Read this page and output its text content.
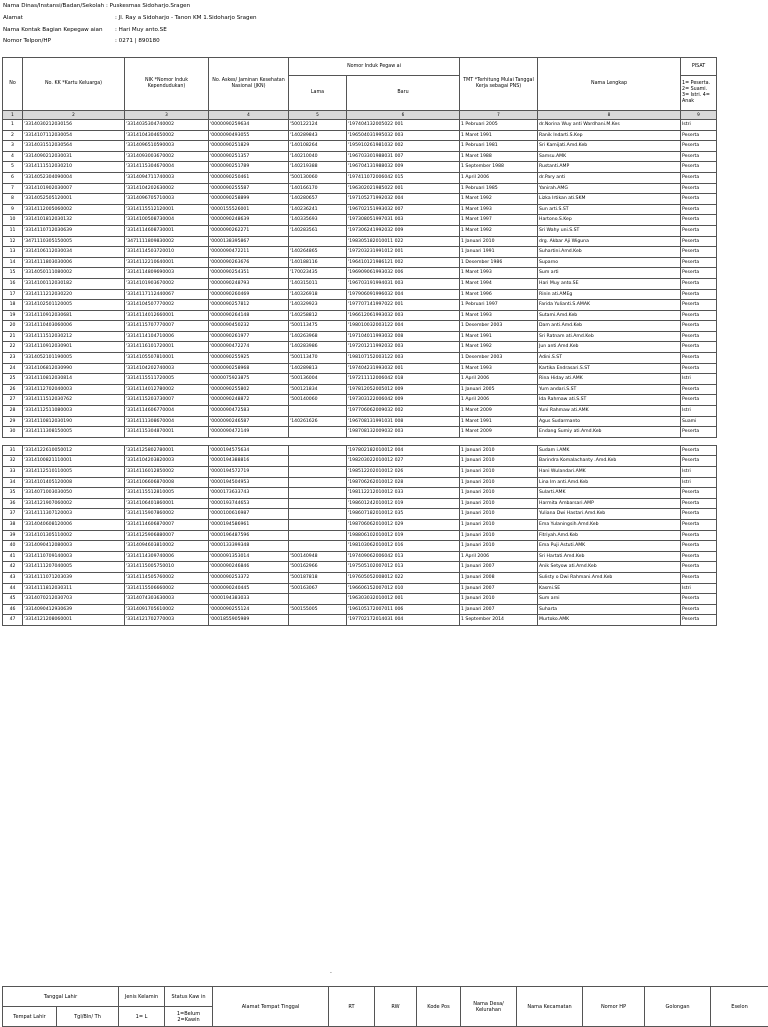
Nama Dinas/Instansi/Badan/Sekolah : Puskesmas Sidoharjo.Sragen
Alamat	: Jl. Ray a Sidoharjo - Tanon KM 1.Sidoharjo Sragen
Nama Kontak Bagian Kepegaw aian : Hari Muy anto.SE
Nomor Telpon/HP	: 0271 | 890180
No	No. KK *Kartu Keluarga)	NIK *Nomor Induk Kependudukan)	No. Askes/ Jaminan Kesehatan Nasional (JKN)	Nomor Induk Pegaw ai		TMT *Terhitung Mulai Tanggal Kerja sebagai PNS)	Nama Lengkap	PISAT
				Lama	Baru			1= Peserta. 2= Suami. 3= Istri. 4= Anak
1	2	3	4	5	6	7	8	9
1	'3314030212030156	'3314035304740002	'0000090259634	'500122124	'197404132005022 001	1 Pebruari 2005	dr.Norina Wuy anti Wardhani.M.Kes	Istri
2	'3314107112030054	'3314104304650002	'0000090493055	'140289843	'196504031995032 003	1 Maret 1991	Ranik Indarti.S.Kep	Peserta
3	'3314031512030564	'3314096510590003	'0000090251829	'140108264	'195910261981032 002	1 Pebruari 1981	Sri Kamijati.Amd.Keb	Peserta
4	'3314090212030031	'3314093003670002	'0000090251357	'140210040	'196703301988031 007	1 Maret 1988	Samsu.AMK	Peserta
5	'3314111512030210	'3314115304670004	'0000090251789	'140219388	'196704131988032 009	1 September 1988	Rustanti.AMP	Peserta
6	'3314052304090004	'3314094711740003	'0000090250461	'500130060	'197411072006042 015	1 April 2006	dr.Pary anti	Peserta
7	'3314101902030007	'3314104202630002	'0000090255587	'140166170	'196302021985022 001	1 Pebruari 1985	Yanirah.AMG	Peserta
8	'3314052505120001	'3314096705710003	'0000090258899	'140280657	'197105271992032 004	1 Maret 1992	Lizka Irtikan ati.SKM	Peserta
9	'3314112005060002	'3314115512120001	'0000155526001	'140236241	'196702151993032 007	1 Maret 1993	Sun arti.S.ST	Peserta
10	'3314101812030132	'3314100508730004	'0000090248639	'140335693	'197308051997031 003	1 Maret 1997	Hartono.S.Kep	Peserta
11	'3314110712030639	'3314114608730001	'0000090262271	'140283561	'197306241992032 009	1 Maret 1992	Sri Wahy uni.S.ST	Peserta
12	'3471110305150005	'3471111809830002	'0000138395867		'198305182010011 022	1 Januari 2010	drg. Akbar Aji Wiguna	Peserta
13	'3314106112030034	'3314114503720010	'0000090472211	'140264865	'197203231991012 001	1 Januari 1991	Suhartini.Amd.Keb	Peserta
14	'3314111803030006	'3314112210640001	'0000090263676	'140188116	'196410121986121 002	1 Desember 1986	Suparno	Peserta
15	'3314050111080002	'3314114809690003	'0000090254351	'170023435	'196909061993032 006	1 Maret 1993	Sum arti	Peserta
16	'3314100112030182	'3314101903670002	'0000090248793	'140315011	'196703191994031 003	1 Maret 1994	Hari Muy anto.SE	Peserta
17	'3314111212030220	'3314117112440067	'0000090260469	'140326918	'197906091996032 004	1 Maret 1996	Rinin ati.AMEg	Peserta
18	'3314102501120005	'3314104507770002	'0000090257812	'140329923	'197707141997022 001	1 Pebruari 1997	Farida Yulianti.S.AMAK	Peserta
19	'3314110912030681	'3314114012660001	'0000090264148	'140258812	'196612061993032 003	1 Maret 1993	Sutami.Amd.Keb	Peserta
20	'3314110403060006	'3314115707770007	'0000090450232	'500113475	'198010032003122 004	1 Desember 2003	Dam anti.Amd.Keb	Peserta
21	'3314111512030212	'3314114104710006	'0000090261977	'140263968	'197104011993032 008	1 Maret 1991	Sri Ratnam ati.Amd.Keb	Peserta
22	'3314110912030901	'3314116101720001	'0000090472274	'140283986	'197201211992032 003	1 Maret 1992	Jun anti.Amd.Keb	Peserta
23	'3314052101190005	'3314105507810001	'0000090255925	'500113470	'198107152003122 003	1 Desember 2003	Adini.S.ST	Peserta
24	'3314106812030990	'3314104202740003	'0000090258968	'140289813	'197404231993032 001	1 Maret 1993	Kartika Endrasari.S.ST	Peserta
25	'3314110812030814	'3314115511720005	'0000075923875	'500136004	'197211112006042 018	1 April 2006	Rina Hiday ati.AMK	Istri
26	'3314112702040003	'3314114012780002	'0000090255802	'500121834	'197812052005012 009	1 Januari 2005	Yum andari.S.ST	Peserta
27	'3314111512030762	'3314115203730007	'0000090248872	'500140060	'197303122006042 009	1 April 2006	Ida Rahmaw ati.S.ST	Peserta
28	'3314112511080003	'3314114606770004	'0000090472583		'197706062009032 002	1 Maret 2009	Yuni Rahmaw ati.AMK	Istri
29	'3314110812030190	'3314111308670004	'0000090246587	'140261626	'196708131991031 008	1 Maret 1991	Agus Sudarmanto	Suami
30	'3314111308150005	'3314115304870001	'0000090472149		'198708132009032 003	1 Maret 2009	Endang Sumiy ati.Amd.Keb	Peserta

31	'3314122610050012	'3314125802780001	'0000194575634		'197802182010012 004	1 Januari 2010	Sudam i.AMK	Peserta
32	'3314100821110001	'3314104203820003	'0000194388816		'198203022010012 027	1 Januari 2010	Barindra Komalachanty .Amd.Keb	Peserta
33	'3314112510110005	'3314116012850002	'0000194572719		'198512202010012 026	1 Januari 2010	Hani Wulandari.AMK	Istri
34	'3314101405120008	'3314106606870008	'0000194504953		'198706262010012 028	1 Januari 2010	Lina Im anti.Amd.Keb	Istri
35	'3314071003030050	'3314115512810005	'0000173633743		'198112212010012 033	1 Januari 2010	Sularti.AMK	Peserta
36	'3314121907060002	'3314106401860001	'0000193744653		'198601242010012 019	1 Januari 2010	Harmita Ambarsari.AMP	Peserta
37	'3314111307120003	'3314115907860002	'0000100616987		'198607182010012 035	1 Januari 2010	Yuliana Dwi Hastari.Amd.Keb	Peserta
38	'3314040608120006	'3314114606870007	'0000194586961		'198706062010012 029	1 Januari 2010	Ema Yulaningsih.Amd.Keb	Peserta
39	'3314101305110002	'3314125906880007	'0000196487596		'198806102010012 019	1 Januari 2010	Fitriyah.Amd.Keb	Peserta
40	'3314090412080003	'3314094603810002	'0000133399348		'198103062010012 016	1 Januari 2010	Ema Puji Astuti.AMK	Peserta
41	'3314110709140003	'3314114309740006	'0000091353014	'500140948	'197409062006042 013	1 April 2006	Sri Hartati.Amd.Keb	Peserta
42	'3314111207040005	'3314115005750010	'0000090246846	'500162966	'197505102007012 013	1 Januari 2007	Anik Setyow ati.Amd.Keb	Peserta
43	'3314111071203039	'3314114505760002	'0000090253372	'500187818	'197605052008012 022	1 Januari 2008	Sulisty o Dwi Rahmani.Amd.Keb	Peserta
44	'3314111812030311	'3314115506660002	'0000090240445	'500163067	'196606152007012 010	1 Januari 2007	Kasmi.SE	Istri
45	'3314070212030703	'3314074303630003	'0000194383033		'196303032010012 001	1 Januari 2010	Sum arni	Peserta
46	'3314090412930639	'3314091705610002	'0000090255124	'500155005	'196105172007011 006	1 Januari 2007	Suharta	Peserta
47	'3314121208060001	'3314121702770003	'0001855905989		'197702172014031 004	1 September 2014	Murtoko.AMK	Peserta
.
Tanggal Lahir		Jenis Kelamin	Status Kaw in	Alamat Tempat Tinggal	RT	RW	Kode Pos	Nama Desa/ Kelurahan	Nama Kecamatan	Nomor HP	Golongan	Eselon
Tempat Lahir	Tgl/Bln/ Th	1= L	1=Belum 2=Kawin									
